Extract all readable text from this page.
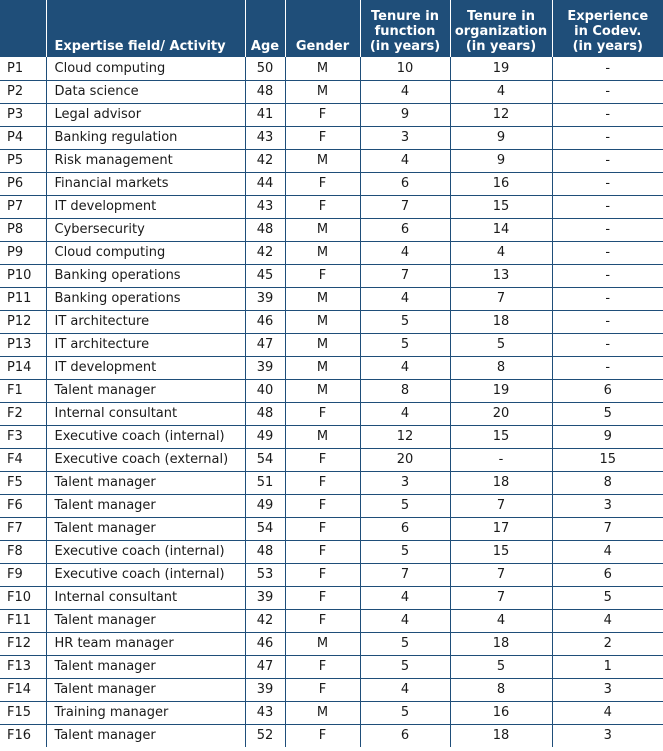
	Expertise field/ Activity	Age	Gender	Tenure in
function
(in years)	Tenure in
organization
(in years)	Experience
in Codev.
(in years)
P1	Cloud computing	50	M	10	19	-
P2	Data science	48	M	4	4	-
P3	Legal advisor	41	F	9	12	-
P4	Banking regulation	43	F	3	9	-
P5	Risk management	42	M	4	9	-
P6	Financial markets	44	F	6	16	-
P7	IT development	43	F	7	15	-
P8	Cybersecurity	48	M	6	14	-
P9	Cloud computing	42	M	4	4	-
P10	Banking operations	45	F	7	13	-
P11	Banking operations	39	M	4	7	-
P12	IT architecture	46	M	5	18	-
P13	IT architecture	47	M	5	5	-
P14	IT development	39	M	4	8	-
F1	Talent manager	40	M	8	19	6
F2	Internal consultant	48	F	4	20	5
F3	Executive coach (internal)	49	M	12	15	9
F4	Executive coach (external)	54	F	20	-	15
F5	Talent manager	51	F	3	18	8
F6	Talent manager	49	F	5	7	3
F7	Talent manager	54	F	6	17	7
F8	Executive coach (internal)	48	F	5	15	4
F9	Executive coach (internal)	53	F	7	7	6
F10	Internal consultant	39	F	4	7	5
F11	Talent manager	42	F	4	4	4
F12	HR team manager	46	M	5	18	2
F13	Talent manager	47	F	5	5	1
F14	Talent manager	39	F	4	8	3
F15	Training manager	43	M	5	16	4
F16	Talent manager	52	F	6	18	3
